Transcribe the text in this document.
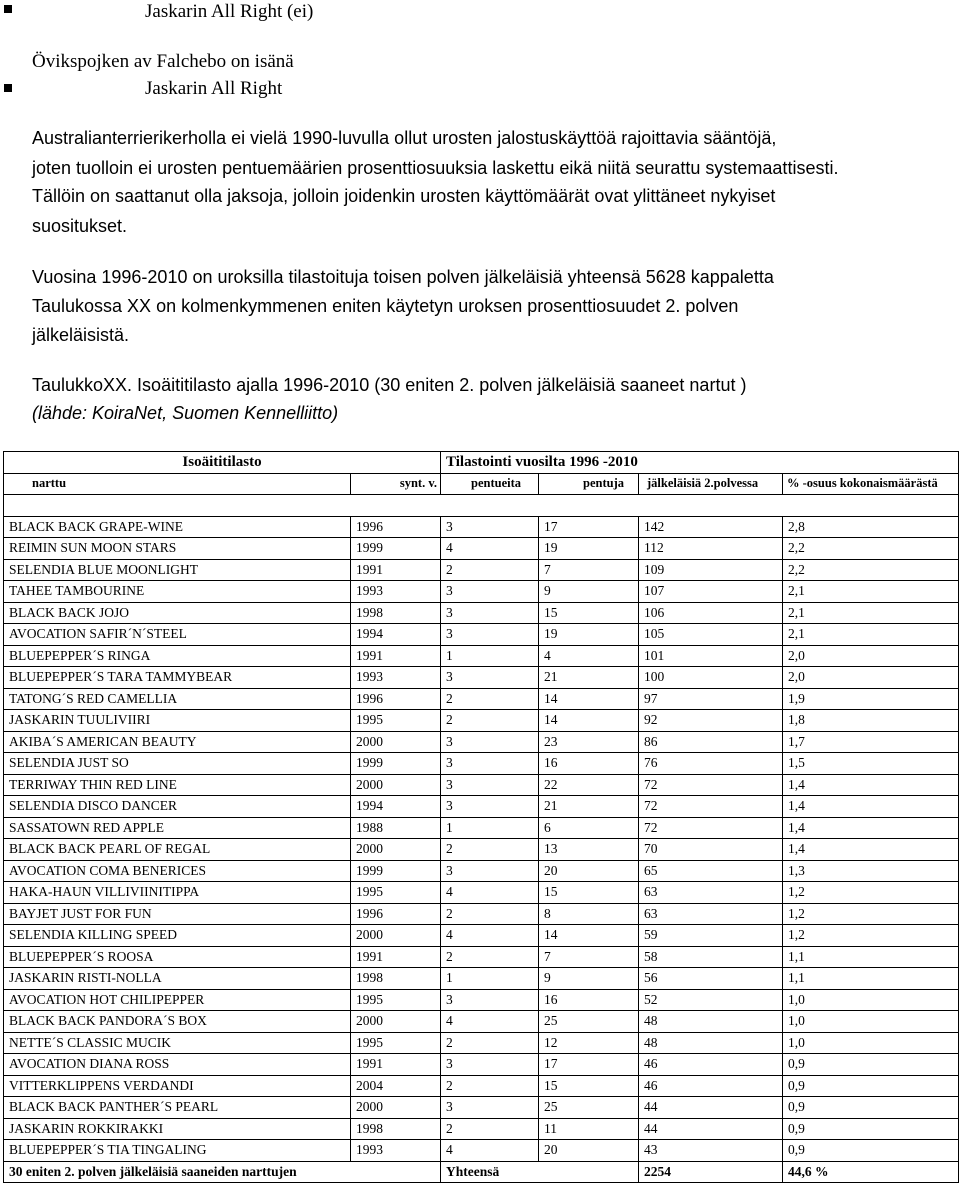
Jaskarin All Right (ei)
Övikspojken av Falchebo on isänä
Jaskarin All Right
Australianterrierikerholla ei vielä 1990-luvulla ollut urosten jalostuskäyttöä rajoittavia sääntöjä,
joten tuolloin ei urosten pentuemäärien prosenttiosuuksia laskettu eikä niitä seurattu systemaattisesti.
Tällöin on saattanut olla jaksoja, jolloin joidenkin urosten käyttömäärät ovat ylittäneet nykyiset
suositukset.
Vuosina 1996-2010 on uroksilla tilastoituja toisen polven jälkeläisiä yhteensä 5628 kappaletta
Taulukossa XX on kolmenkymmenen eniten käytetyn uroksen prosenttiosuudet 2. polven
jälkeläisistä.
TaulukkoXX. Isoäititilasto ajalla 1996-2010 (30 eniten 2. polven jälkeläisiä saaneet nartut )
(lähde: KoiraNet, Suomen Kennelliitto)
Isoäititilasto		Tilastointi vuosilta 1996 -2010			
narttu	synt. v.	pentueita	pentuja	jälkeläisiä 2.polvessa	% -osuus kokonaismäärästä

BLACK BACK GRAPE-WINE	1996	3	17	142	2,8
REIMIN SUN MOON STARS	1999	4	19	112	2,2
SELENDIA BLUE MOONLIGHT	1991	2	7	109	2,2
TAHEE TAMBOURINE	1993	3	9	107	2,1
BLACK BACK JOJO	1998	3	15	106	2,1
AVOCATION SAFIR´N´STEEL	1994	3	19	105	2,1
BLUEPEPPER´S RINGA	1991	1	4	101	2,0
BLUEPEPPER´S TARA TAMMYBEAR	1993	3	21	100	2,0
TATONG´S RED CAMELLIA	1996	2	14	97	1,9
JASKARIN TUULIVIIRI	1995	2	14	92	1,8
AKIBA´S AMERICAN BEAUTY	2000	3	23	86	1,7
SELENDIA JUST SO	1999	3	16	76	1,5
TERRIWAY THIN RED LINE	2000	3	22	72	1,4
SELENDIA DISCO DANCER	1994	3	21	72	1,4
SASSATOWN RED APPLE	1988	1	6	72	1,4
BLACK BACK PEARL OF REGAL	2000	2	13	70	1,4
AVOCATION COMA BENERICES	1999	3	20	65	1,3
HAKA-HAUN VILLIVIINITIPPA	1995	4	15	63	1,2
BAYJET JUST FOR FUN	1996	2	8	63	1,2
SELENDIA KILLING SPEED	2000	4	14	59	1,2
BLUEPEPPER´S ROOSA	1991	2	7	58	1,1
JASKARIN RISTI-NOLLA	1998	1	9	56	1,1
AVOCATION HOT CHILIPEPPER	1995	3	16	52	1,0
BLACK BACK PANDORA´S BOX	2000	4	25	48	1,0
NETTE´S CLASSIC MUCIK	1995	2	12	48	1,0
AVOCATION DIANA ROSS	1991	3	17	46	0,9
VITTERKLIPPENS VERDANDI	2004	2	15	46	0,9
BLACK BACK PANTHER´S PEARL	2000	3	25	44	0,9
JASKARIN ROKKIRAKKI	1998	2	11	44	0,9
BLUEPEPPER´S TIA TINGALING	1993	4	20	43	0,9
30 eniten 2. polven jälkeläisiä saaneiden narttujen		Yhteensä		2254	44,6 %
